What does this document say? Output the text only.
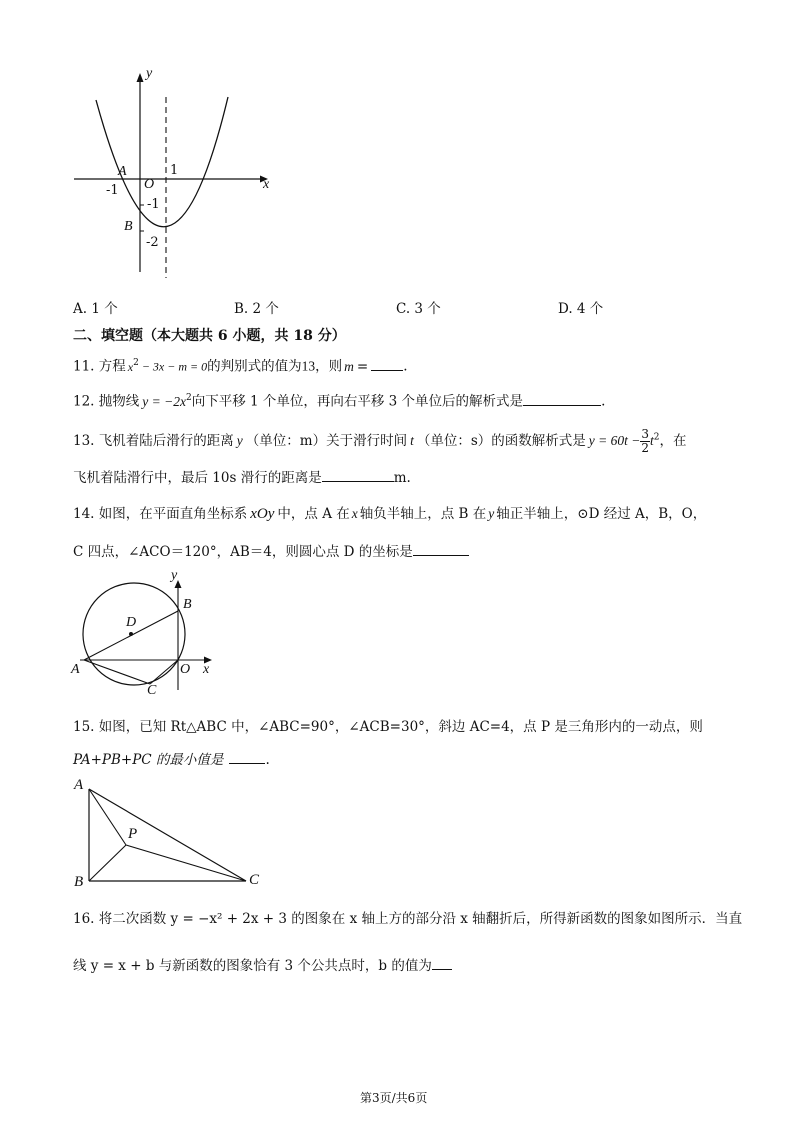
y
x
A
O
-1
1
-1
B
-2
A. 1 个	B. 2 个	C. 3 个	D. 4 个
二、填空题（本大题共 6 小题，共 18 分）
11. 方程 $x^2 - 3x - m = 0$的判别式的值为13，则 m =	.
12. 抛物线 $y = -2x^2$向下平移 1 个单位，再向右平移 3 个单位后的解析式是	.
13. 飞机着陆后滑行的距离 y （单位：m）关于滑行时间 t （单位：s）的函数解析式是 $y = 60t - \frac{3}{2} t^2$，在
飞机着陆滑行中，最后 10s 滑行的距离是	m.
14. 如图，在平面直角坐标系 xOy 中，点 A 在 x 轴负半轴上，点 B 在 y 轴正半轴上，⊙D 经过 A，B，O，
C 四点，∠ACO＝120°，AB＝4，则圆心点 D 的坐标是
y
B
D
A	O x
C
15. 如图，已知 Rt△ABC 中，∠ABC=90°，∠ACB=30°，斜边 AC=4，点 P 是三角形内的一动点，则
PA+PB+PC 的最小值是	.
A
P
B	C
16. 将二次函数 y = −x² + 2x + 3 的图象在 x 轴上方的部分沿 x 轴翻折后，所得新函数的图象如图所示．当直
线 y = x + b 与新函数的图象恰有 3 个公共点时，b 的值为
第3页/共6页
